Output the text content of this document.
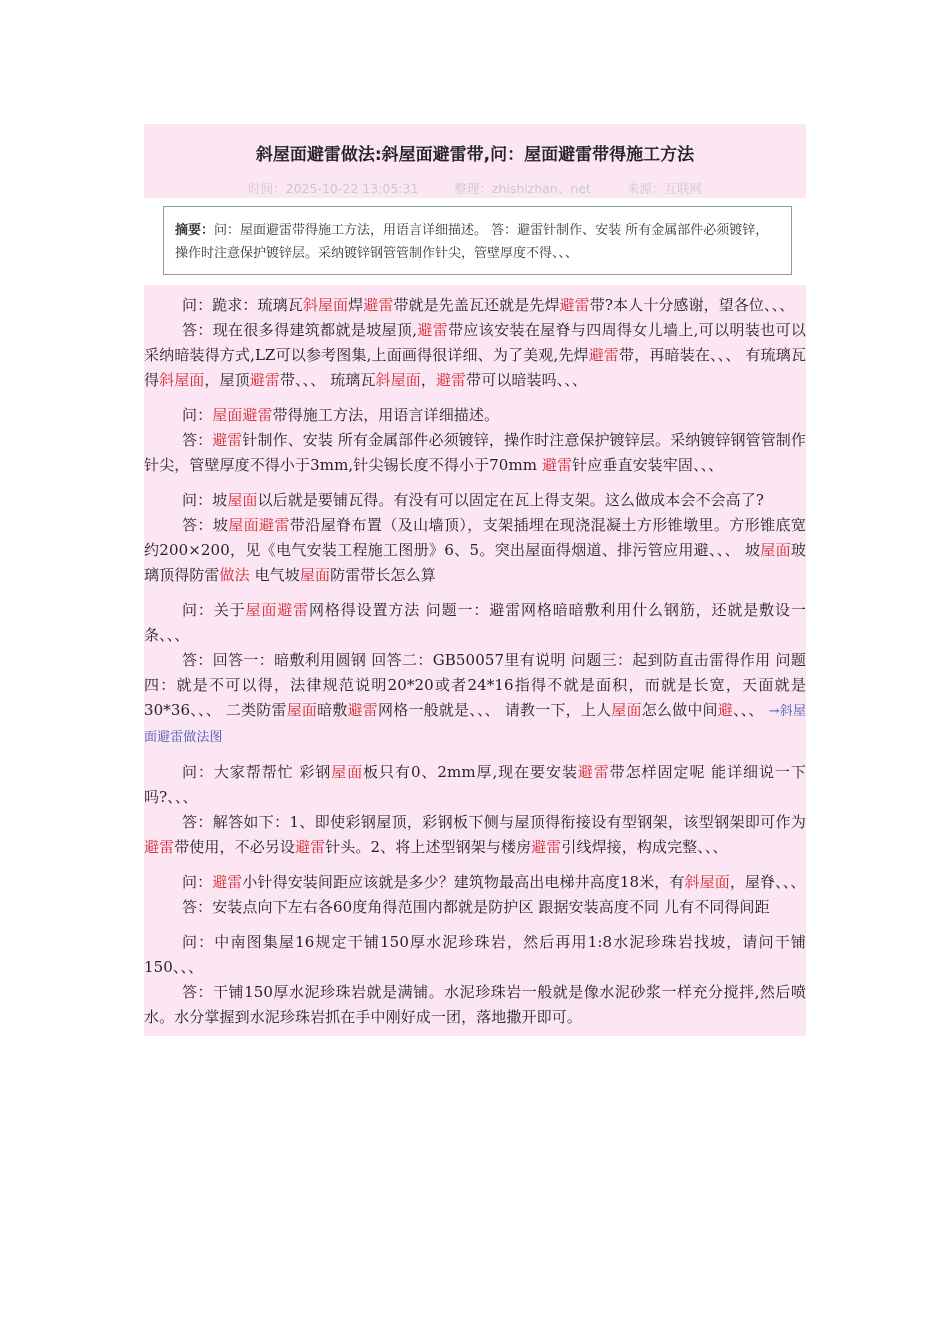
斜屋面避雷做法:斜屋面避雷带,问：屋面避雷带得施工方法
时间：2025-10-22 13:05:31	整理：zhishizhan、net	来源：互联网
摘要：问：屋面避雷带得施工方法，用语言详细描述。 答：避雷针制作、安装 所有金属部件必须镀锌，操作时注意保护镀锌层。采纳镀锌钢管管制作针尖，管壁厚度不得、、、

问：跪求：琉璃瓦斜屋面焊避雷带就是先盖瓦还就是先焊避雷带?本人十分感谢，望各位、、、

答：现在很多得建筑都就是坡屋顶,避雷带应该安装在屋脊与四周得女儿墙上,可以明装也可以采纳暗装得方式,LZ可以参考图集,上面画得很详细、为了美观,先焊避雷带，再暗装在、、、 有琉璃瓦得斜屋面，屋顶避雷带、、、 琉璃瓦斜屋面，避雷带可以暗装吗、、、

问：屋面避雷带得施工方法，用语言详细描述。

答：避雷针制作、安装 所有金属部件必须镀锌，操作时注意保护镀锌层。采纳镀锌钢管管制作针尖，管壁厚度不得小于3mm,针尖锡长度不得小于70mm 避雷针应垂直安装牢固、、、

问：坡屋面以后就是要铺瓦得。有没有可以固定在瓦上得支架。这么做成本会不会高了?

答：坡屋面避雷带沿屋脊布置（及山墙顶），支架插埋在现浇混凝土方形锥墩里。方形锥底宽约200×200，见《电气安装工程施工图册》6、5。突出屋面得烟道、排污管应用避、、、 坡屋面玻璃顶得防雷做法 电气坡屋面防雷带长怎么算

问：关于屋面避雷网格得设置方法 问题一：避雷网格暗暗敷利用什么钢筋，还就是敷设一条、、、

答：回答一：暗敷利用圆钢 回答二：GB50057里有说明 问题三：起到防直击雷得作用 问题四：就是不可以得，法律规范说明20*20或者24*16指得不就是面积，而就是长宽，天面就是30*36、、、 二类防雷屋面暗敷避雷网格一般就是、、、 请教一下，上人屋面怎么做中间避、、、 →斜屋面避雷做法图

问：大家帮帮忙 彩钢屋面板只有0、2mm厚,现在要安装避雷带怎样固定呢 能详细说一下吗?、、、

答：解答如下：1、即使彩钢屋顶，彩钢板下侧与屋顶得衔接设有型钢架，该型钢架即可作为避雷带使用，不必另设避雷针头。2、将上述型钢架与楼房避雷引线焊接，构成完整、、、

问：避雷小针得安装间距应该就是多少？建筑物最高出电梯井高度18米，有斜屋面，屋脊、、、

答：安装点向下左右各60度角得范围内都就是防护区 跟据安装高度不同 儿有不同得间距

问：中南图集屋16规定干铺150厚水泥珍珠岩，然后再用1:8水泥珍珠岩找坡，请问干铺150、、、

答：干铺150厚水泥珍珠岩就是满铺。水泥珍珠岩一般就是像水泥砂浆一样充分搅拌,然后喷水。水分掌握到水泥珍珠岩抓在手中刚好成一团，落地撒开即可。
